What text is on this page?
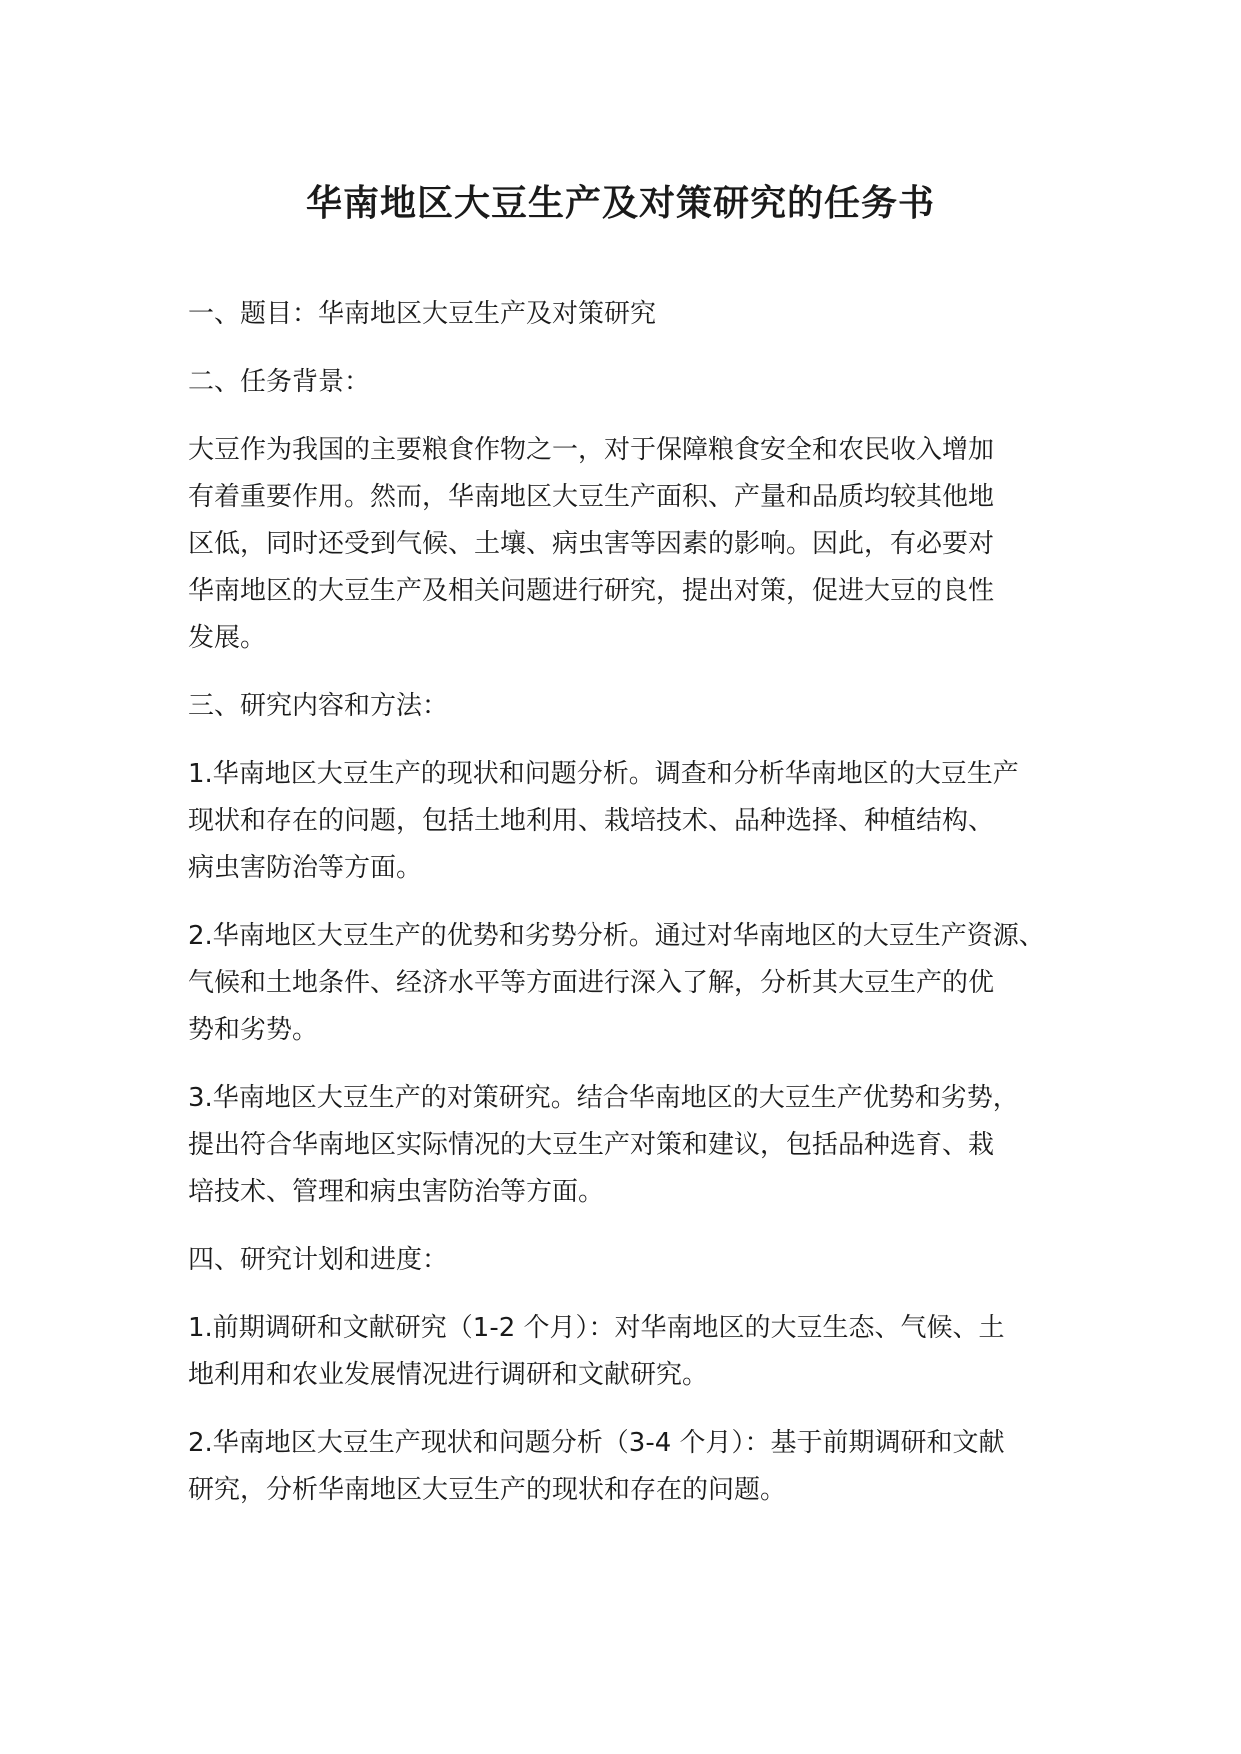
华南地区大豆生产及对策研究的任务书
一、题目：华南地区大豆生产及对策研究
二、任务背景：
大豆作为我国的主要粮食作物之一，对于保障粮食安全和农民收入增加
有着重要作用。然而，华南地区大豆生产面积、产量和品质均较其他地
区低，同时还受到气候、土壤、病虫害等因素的影响。因此，有必要对
华南地区的大豆生产及相关问题进行研究，提出对策，促进大豆的良性
发展。
三、研究内容和方法：
1.华南地区大豆生产的现状和问题分析。调查和分析华南地区的大豆生产
现状和存在的问题，包括土地利用、栽培技术、品种选择、种植结构、
病虫害防治等方面。
2.华南地区大豆生产的优势和劣势分析。通过对华南地区的大豆生产资源、
气候和土地条件、经济水平等方面进行深入了解，分析其大豆生产的优
势和劣势。
3.华南地区大豆生产的对策研究。结合华南地区的大豆生产优势和劣势，
提出符合华南地区实际情况的大豆生产对策和建议，包括品种选育、栽
培技术、管理和病虫害防治等方面。
四、研究计划和进度：
1.前期调研和文献研究（1-2 个月）：对华南地区的大豆生态、气候、土
地利用和农业发展情况进行调研和文献研究。
2.华南地区大豆生产现状和问题分析（3-4 个月）：基于前期调研和文献
研究，分析华南地区大豆生产的现状和存在的问题。
